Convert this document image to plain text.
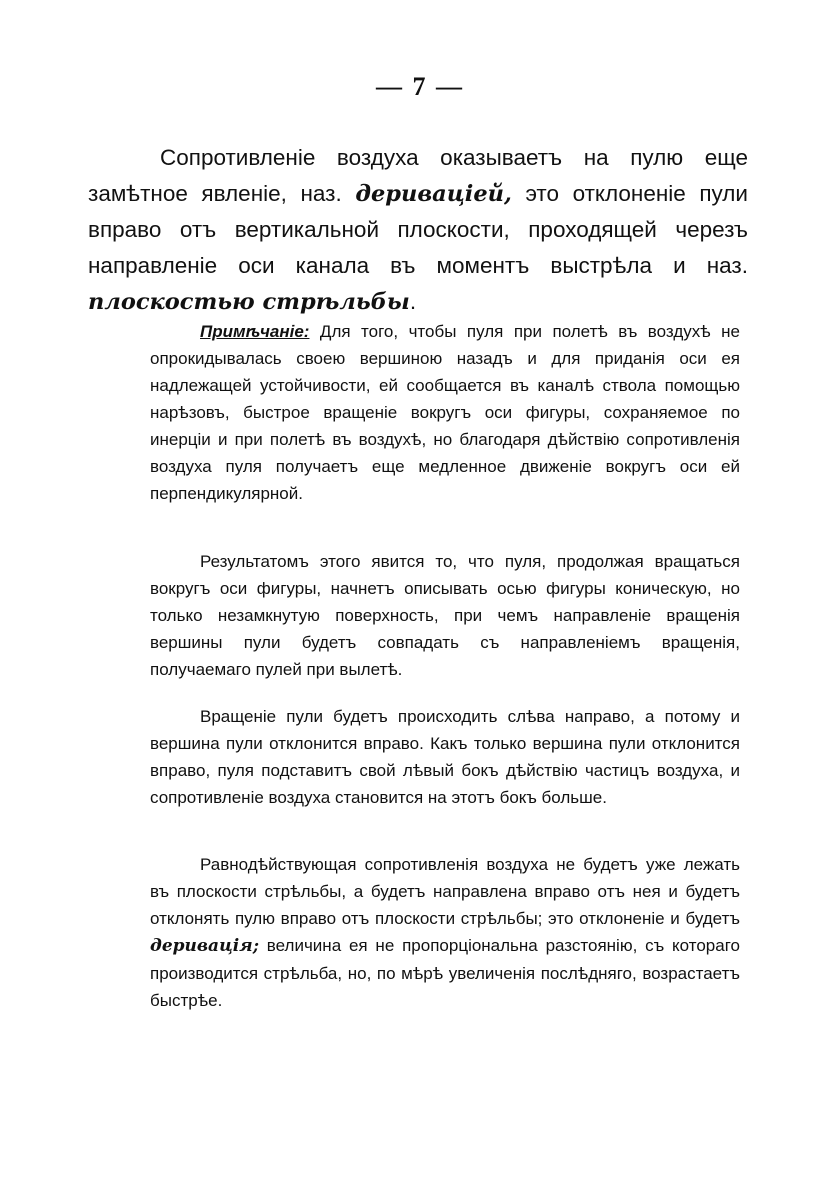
— 7 —

Сопротивленіе воздуха оказываетъ на пулю еще замѣтное явленіе, наз. деривацiей, это отклоненіе пули вправо отъ вертикальной плоскости, проходящей черезъ направленіе оси канала въ моментъ выстрѣла и наз. плоскостью стрѣльбы.

Примѣчаніе: Для того, чтобы пуля при полетѣ въ воздухѣ не опрокидывалась своею вершиною назадъ и для приданія оси ея надлежащей устойчивости, ей сообщается въ каналѣ ствола помощью нарѣзовъ, быстрое вращеніе вокругъ оси фигуры, сохраняемое по инерціи и при полетѣ въ воздухѣ, но благодаря дѣйствію сопротивленія воздуха пуля получаетъ еще медленное движеніе вокругъ оси ей перпендикулярной.

Результатомъ этого явится то, что пуля, продолжая вращаться вокругъ оси фигуры, начнетъ описывать осью фигуры коническую, но только незамкнутую поверхность, при чемъ направленіе вращенія вершины пули будетъ совпадать съ направленіемъ вращенія, получаемаго пулей при вылетѣ.

Вращеніе пули будетъ происходить слѣва направо, а потому и вершина пули отклонится вправо. Какъ только вершина пули отклонится вправо, пуля подставитъ свой лѣвый бокъ дѣйствію частицъ воздуха, и сопротивленіе воздуха становится на этотъ бокъ больше.

Равнодѣйствующая сопротивленія воздуха не будетъ уже лежать въ плоскости стрѣльбы, а будетъ направлена вправо отъ нея и будетъ отклонять пулю вправо отъ плоскости стрѣльбы; это отклоненіе и будетъ деривація; величина ея не пропорціональна разстоянію, съ котораго производится стрѣльба, но, по мѣрѣ увеличенія послѣдняго, возрастаетъ быстрѣе.
